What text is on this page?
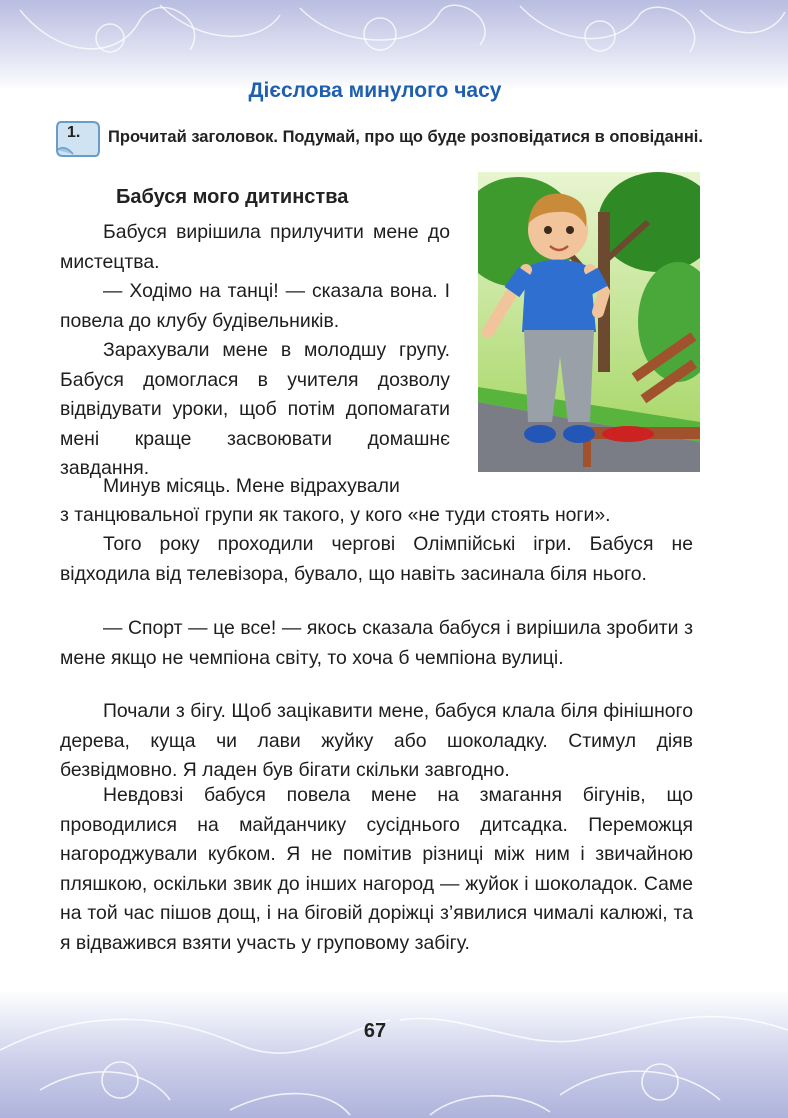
Дієслова минулого часу
1. Прочитай заголовок. Подумай, про що буде розповідатися в оповіданні.
Бабуся мого дитинства

Бабуся вирішила прилучити мене до мистецтва.

— Ходімо на танці! — сказала вона. І повела до клубу будівельників.

Зарахували мене в молодшу групу. Бабуся домоглася в учителя дозволу відвідувати уроки, щоб потім допомагати мені краще засвоювати домашнє завдання.

Минув місяць. Мене відрахували

з танцювальної групи як такого, у кого «не туди стоять ноги».

Того року проходили чергові Олімпійські ігри. Бабуся не відходила від телевізора, бувало, що навіть засинала біля нього.

— Спорт — це все! — якось сказала бабуся і вирішила зробити з мене якщо не чемпіона світу, то хоча б чемпіона вулиці.

Почали з бігу. Щоб зацікавити мене, бабуся клала біля фінішного дерева, куща чи лави жуйку або шоколадку. Стимул діяв безвідмовно. Я ладен був бігати скільки завгодно.

Невдовзі бабуся повела мене на змагання бігунів, що проводилися на майданчику сусіднього дитсадка. Переможця нагороджували кубком. Я не помітив різниці між ним і звичайною пляшкою, оскільки звик до інших нагород — жуйок і шоколадок. Саме на той час пішов дощ, і на біговій доріжці з’явилися чималі калюжі, та я відважився взяти участь у груповому забігу.

67
